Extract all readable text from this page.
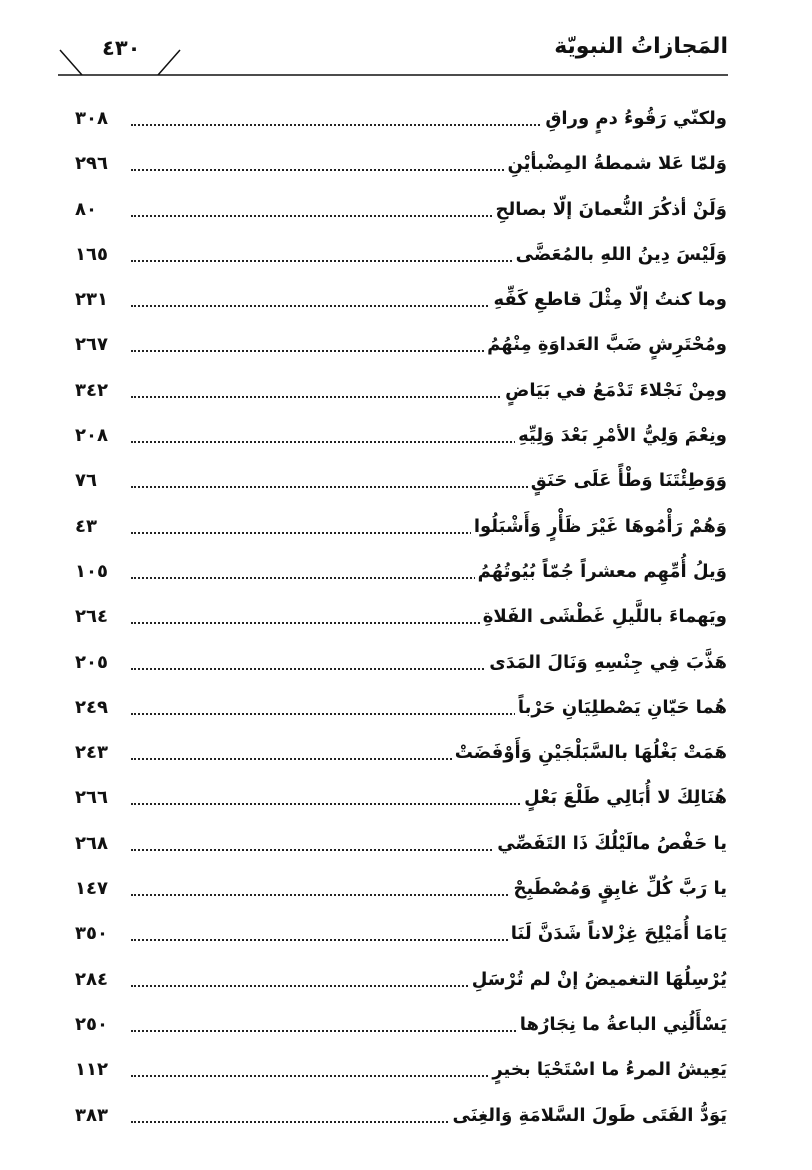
٤٣٠	المَجازاتُ النبويّة
ولكنّي رَقُوءُ دمٍ وراقِ
٣٠٨
وَلمّا عَلا شمطةُ المِضْبأيْنِ
٢٩٦
وَلَنْ أذكُرَ النُّعمانَ إلّا بصالحِ
٨٠
وَلَيْسَ دِينُ اللهِ بالمُعَضَّى
١٦٥
وما كنتُ إلّا مِثْلَ قاطعِ كَفِّهِ
٢٣١
ومُحْتَرِشٍ ضَبَّ العَداوَةِ مِنْهُمُ
٢٦٧
ومِنْ نَجْلاءَ تَدْمَعُ في بَيَاضٍ
٣٤٢
ونِعْمَ وَلِيُّ الأمْرِ بَعْدَ وَلِيِّهِ
٢٠٨
وَوَطِئْتَنَا وَطْأً عَلَى حَنَقٍ
٧٦
وَهُمْ رَأْمُوهَا غَيْرَ ظَأْرٍ وَأَشْبَلُوا
٤٣
وَيلُ أُمِّهِم معشراً جُمّاً بُيُوتُهُمُ
١٠٥
ويَهماءَ باللَّيلِ غَطْشَى الفَلاةِ
٢٦٤
هَذَّبَ فِي جِنْسِهِ وَنَالَ المَدَى
٢٠٥
هُما حَيّانِ يَصْطلِيَانِ حَرْباً
٢٤٩
هَمَتْ بَغْلُهَا بالسَّبَلْجَيْنِ وَأَوْفَضَتْ
٢٤٣
هُنَالِكَ لا أُبَالِي طَلْعَ بَعْلٍ
٢٦٦
يا حَفْصُ مالَيْلُكَ ذَا التَفَصِّي
٢٦٨
يا رَبَّ كُلِّ غابِقٍ وَمُصْطَبِحْ
١٤٧
يَامَا أُمَيْلِحَ غِزْلاناً شَدَنَّ لَنَا
٣٥٠
يُرْسِلُهَا التغميضُ إنْ لم تُرْسَلِ
٢٨٤
يَسْأَلُنِي الباعةُ ما نِجَارُها
٢٥٠
يَعِيشُ المرءُ ما اسْتَحْيَا بخيرٍ
١١٢
يَوَدُّ الفَتَى طَولَ السَّلامَةِ وَالغِنَى
٣٨٣
